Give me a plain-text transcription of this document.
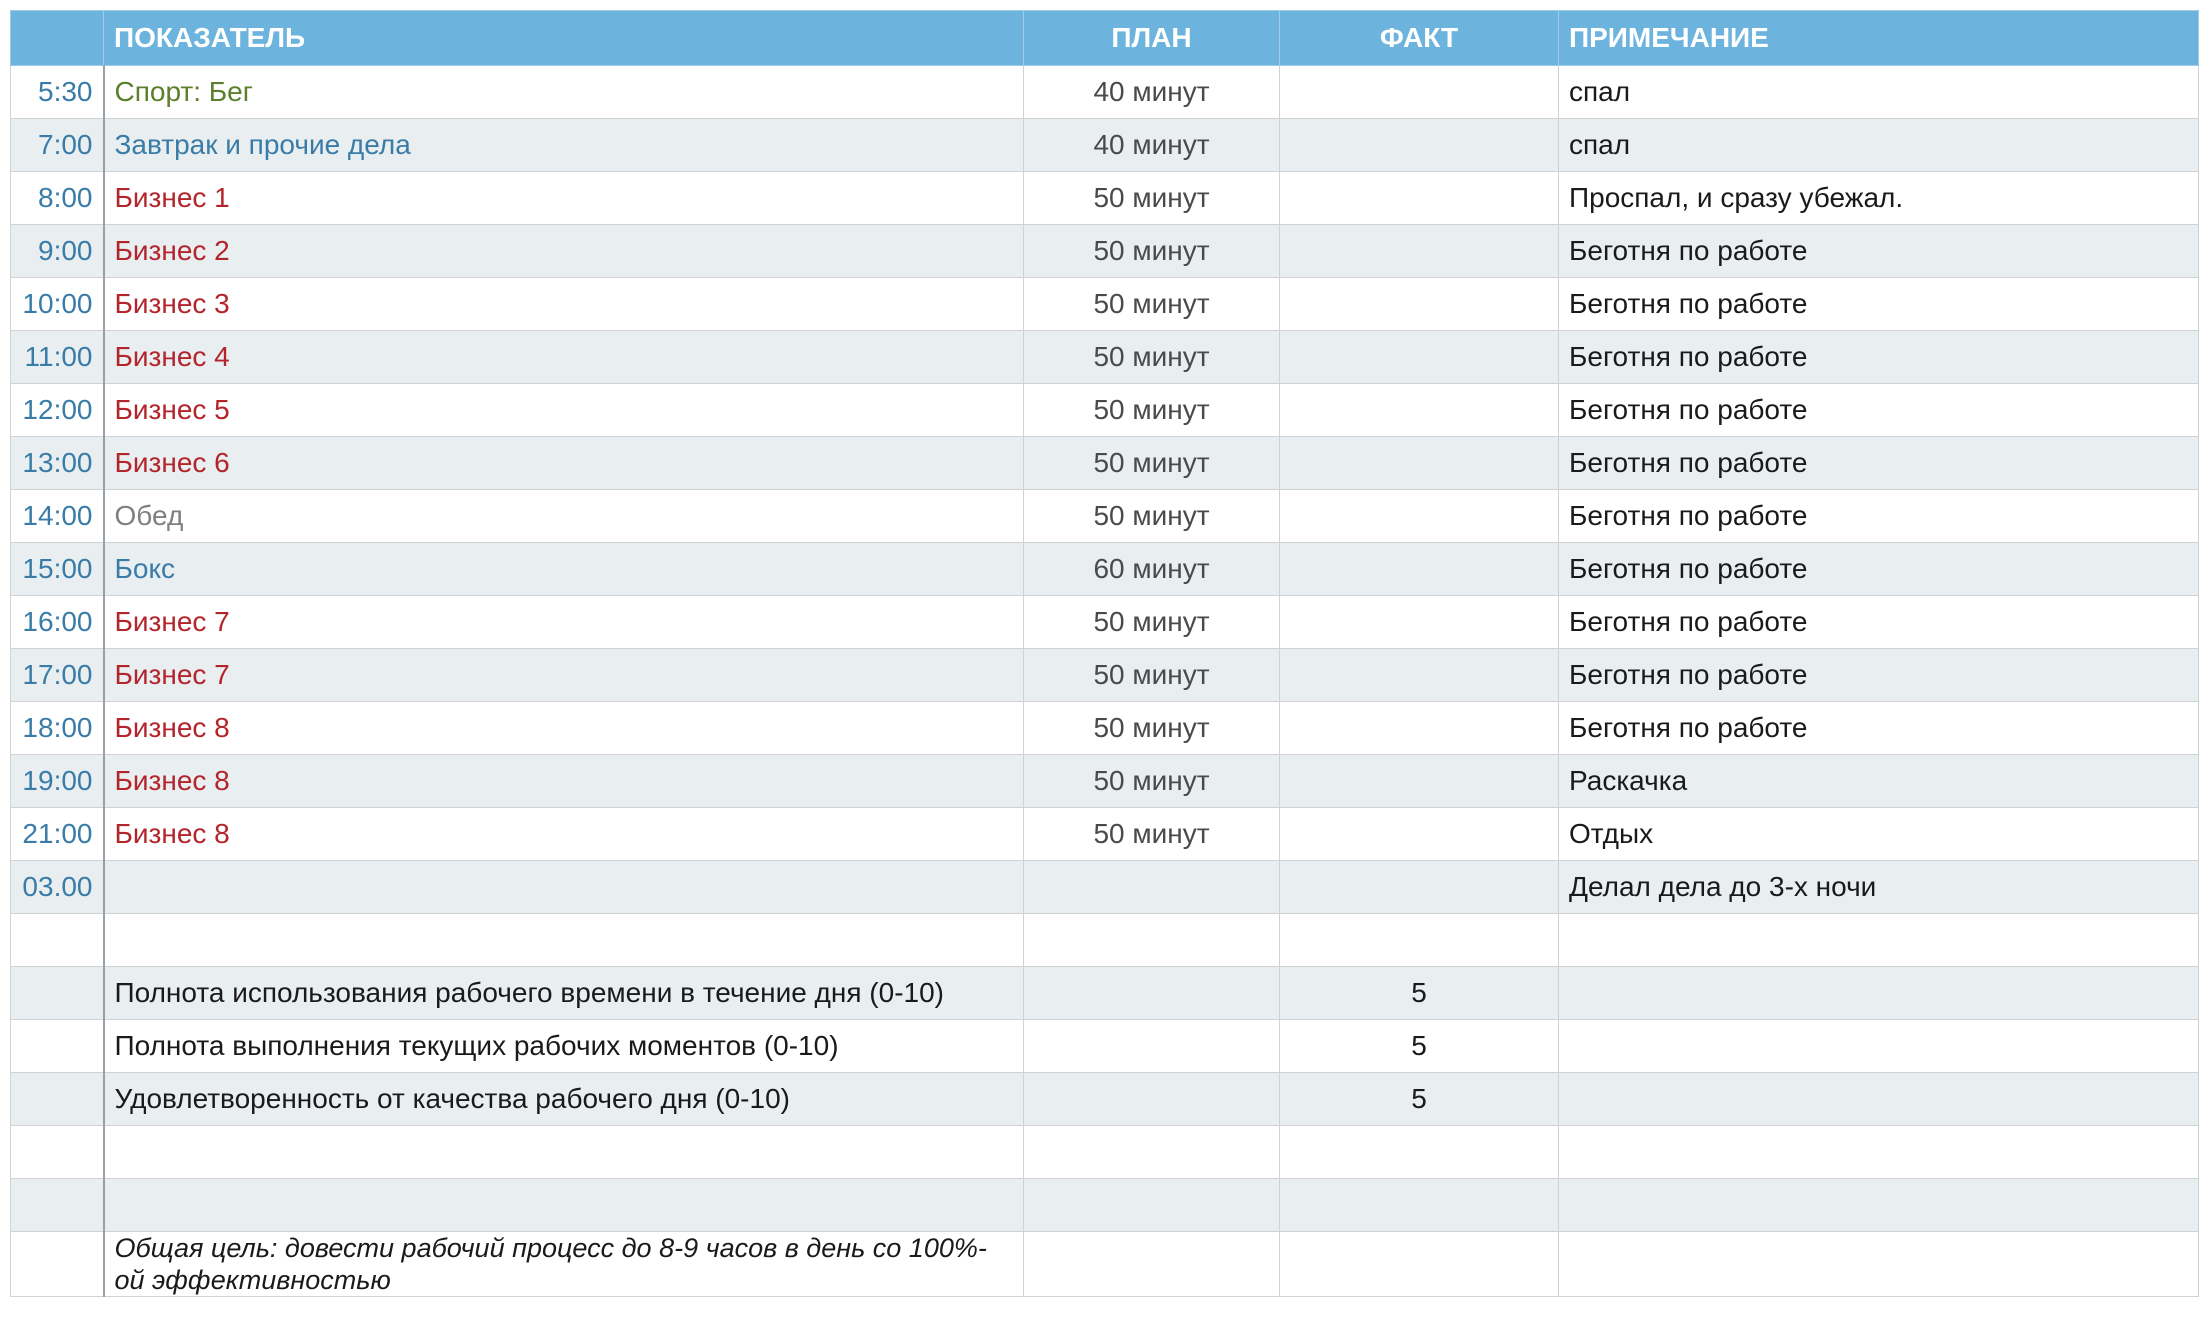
	ПОКАЗАТЕЛЬ	ПЛАН	ФАКТ	ПРИМЕЧАНИЕ
5:30	Спорт: Бег	40 минут		спал
7:00	Завтрак и прочие дела	40 минут		спал
8:00	Бизнес 1	50 минут		Проспал, и сразу убежал.
9:00	Бизнес 2	50 минут		Беготня по работе
10:00	Бизнес 3	50 минут		Беготня по работе
11:00	Бизнес 4	50 минут		Беготня по работе
12:00	Бизнес 5	50 минут		Беготня по работе
13:00	Бизнес 6	50 минут		Беготня по работе
14:00	Обед	50 минут		Беготня по работе
15:00	Бокс	60 минут		Беготня по работе
16:00	Бизнес 7	50 минут		Беготня по работе
17:00	Бизнес 7	50 минут		Беготня по работе
18:00	Бизнес 8	50 минут		Беготня по работе
19:00	Бизнес 8	50 минут		Раскачка
21:00	Бизнес 8	50 минут		Отдых
03.00				Делал дела до 3-х ночи

	Полнота использования рабочего времени в течение дня (0-10)		5	
	Полнота выполнения текущих рабочих моментов (0-10)		5	
	Удовлетворенность от качества рабочего дня (0-10)		5	

	Общая цель: довести рабочий процесс до 8-9 часов в день со 100%-ой эффективностью			
